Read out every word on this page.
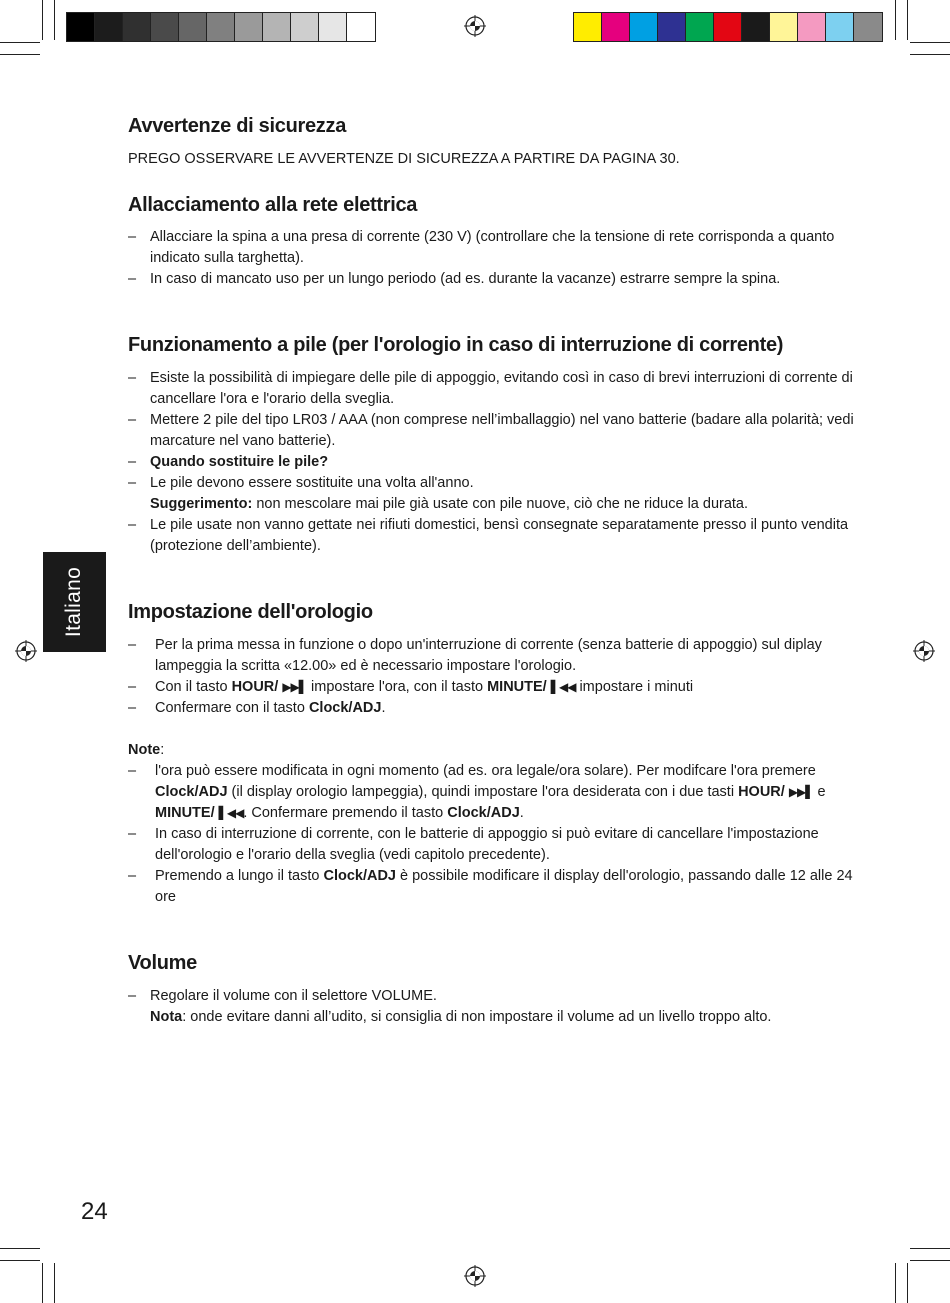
Italiano
Avvertenze di sicurezza

PREGO OSSERVARE LE AVVERTENZE DI SICUREZZA A PARTIRE DA PAGINA 30.

Allacciamento alla rete elettrica
– Allacciare la spina a una presa di corrente (230 V) (controllare che la tensione di rete corrisponda a quanto indicato sulla targhetta).
– In caso di mancato uso per un lungo periodo (ad es. durante la vacanze) estrarre sempre la spina.
Funzionamento a pile (per l'orologio in caso di interruzione di corrente)
– Esiste la possibilità di impiegare delle pile di appoggio, evitando così in caso di brevi interruzioni di corrente di cancellare l'ora e l'orario della sveglia.
– Mettere 2 pile del tipo LR03 / AAA (non comprese nell’imballaggio) nel vano batterie (badare alla polarità; vedi marcature nel vano batterie).
– Quando sostituire le pile?
– Le pile devono essere sostituite una volta all'anno.
Suggerimento: non mescolare mai pile già usate con pile nuove, ciò che ne riduce la durata.
– Le pile usate non vanno gettate nei rifiuti domestici, bensì consegnate separatamente presso il punto vendita (protezione dell’ambiente).
Impostazione dell'orologio
– Per la prima messa in funzione o dopo un'interruzione di corrente (senza batterie di appoggio) sul diplay lampeggia la scritta «12.00» ed è necessario impostare l'orologio.
– Con il tasto HOUR/ ▶▶▌ impostare l'ora, con il tasto MINUTE/ ▌◀◀ impostare i minuti
– Confermare con il tasto Clock/ADJ.

Note:

– l'ora può essere modificata in ogni momento (ad es. ora legale/ora solare). Per modifcare l'ora premere Clock/ADJ (il display orologio lampeggia), quindi impostare l'ora desiderata con i due tasti HOUR/ ▶▶▌ e
MINUTE/ ▌◀◀. Confermare premendo il tasto Clock/ADJ.
– In caso di interruzione di corrente, con le batterie di appoggio si può evitare di cancellare l'impostazione dell'orologio e l'orario della sveglia (vedi capitolo precedente).
– Premendo a lungo il tasto Clock/ADJ è possibile modificare il display dell'orologio, passando dalle 12 alle 24 ore
Volume
– Regolare il volume con il selettore VOLUME.
Nota: onde evitare danni all’udito, si consiglia di non impostare il volume ad un livello troppo alto.
24
